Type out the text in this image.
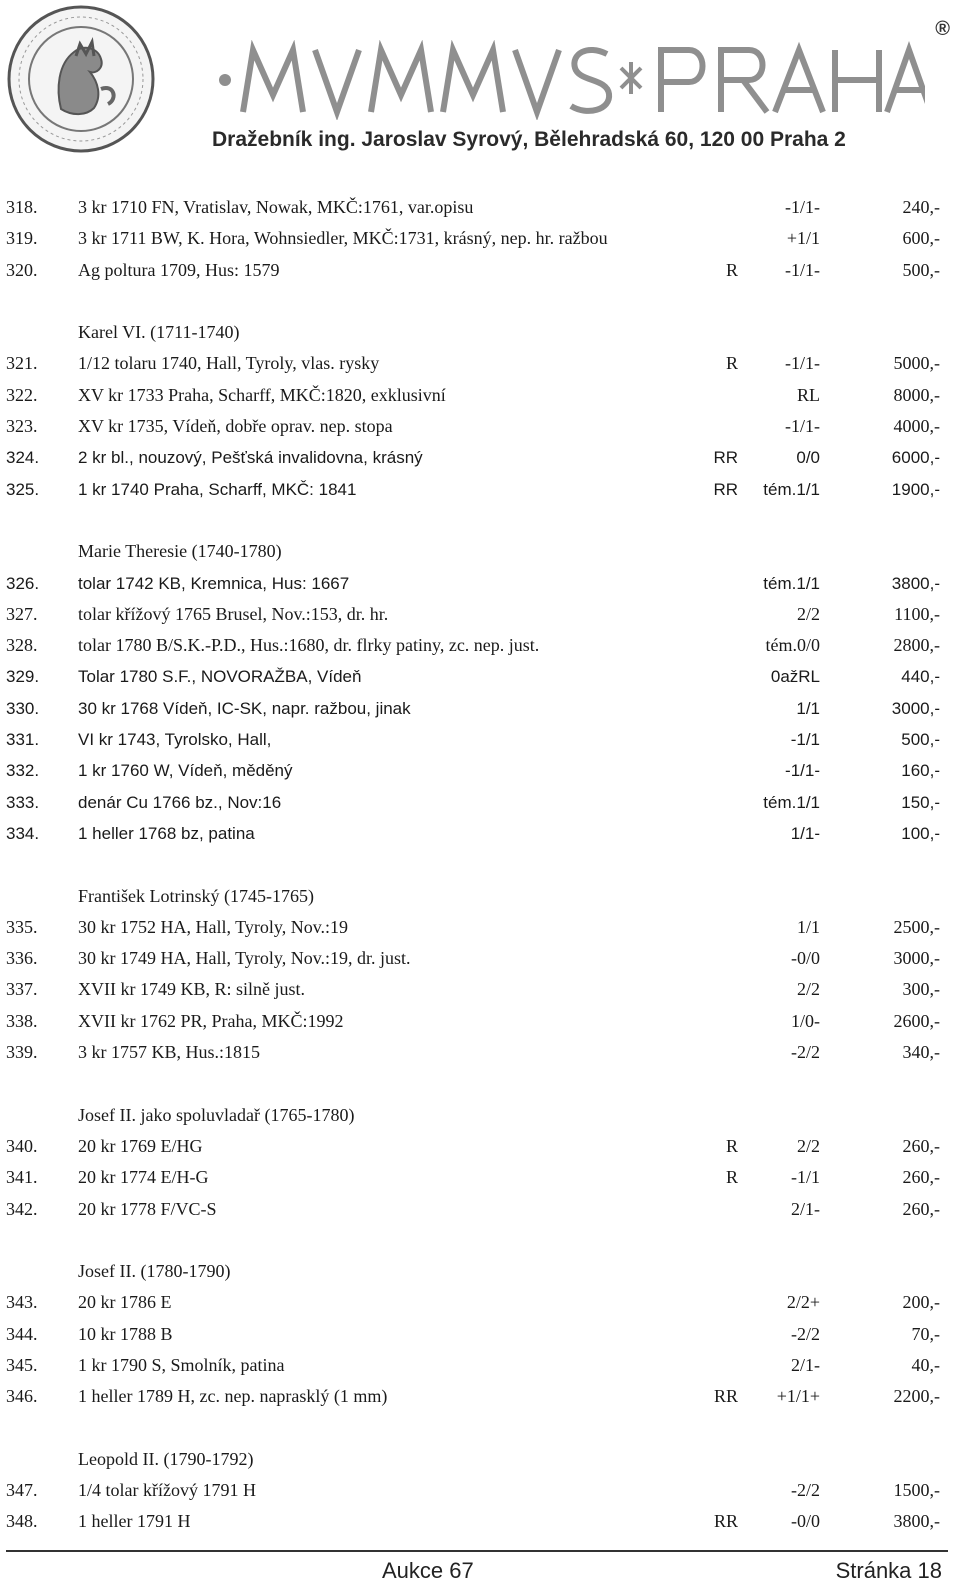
®
Dražebník ing. Jaroslav Syrový, Bělehradská 60, 120 00 Praha 2
318. 3 kr 1710 FN, Vratislav, Nowak, MKČ:1761, var.opisu	-1/1-	240,-
319. 3 kr 1711 BW, K. Hora, Wohnsiedler, MKČ:1731, krásný, nep. hr. ražbou	+1/1	600,-
320. Ag poltura 1709, Hus: 1579	R	-1/1-	500,-
Karel VI. (1711-1740)
321. 1/12 tolaru 1740, Hall, Tyroly, vlas. rysky	R	-1/1-	5000,-
322. XV kr 1733 Praha, Scharff, MKČ:1820, exklusivní	RL	8000,-
323. XV kr 1735, Vídeň, dobře oprav. nep. stopa	-1/1-	4000,-
324. 2 kr bl., nouzový, Pešťská invalidovna, krásný	RR	0/0	6000,-
325. 1 kr 1740 Praha, Scharff, MKČ: 1841	RR tém.1/1	1900,-
Marie Theresie (1740-1780)
326. tolar 1742 KB, Kremnica, Hus: 1667	tém.1/1	3800,-
327. tolar křížový 1765 Brusel, Nov.:153, dr. hr.	2/2	1100,-
328. tolar 1780 B/S.K.-P.D., Hus.:1680, dr. flrky patiny, zc. nep. just.	tém.0/0	2800,-
329. Tolar 1780 S.F., NOVORAŽBA, Vídeň	0ažRL	440,-
330. 30 kr 1768 Vídeň, IC-SK, napr. ražbou, jinak	1/1	3000,-
331. VI kr 1743, Tyrolsko, Hall,	-1/1	500,-
332. 1 kr 1760 W, Vídeň, měděný	-1/1-	160,-
333. denár Cu 1766 bz., Nov:16	tém.1/1	150,-
334. 1 heller 1768 bz, patina	1/1-	100,-
František Lotrinský (1745-1765)
335. 30 kr 1752 HA, Hall, Tyroly, Nov.:19	1/1	2500,-
336. 30 kr 1749 HA, Hall, Tyroly, Nov.:19, dr. just.	-0/0	3000,-
337. XVII kr 1749 KB, R: silně just.	2/2	300,-
338. XVII kr 1762 PR, Praha, MKČ:1992	1/0-	2600,-
339. 3 kr 1757 KB, Hus.:1815	-2/2	340,-
Josef II. jako spoluvladař (1765-1780)
340. 20 kr 1769 E/HG	R	2/2	260,-
341. 20 kr 1774 E/H-G	R	-1/1	260,-
342. 20 kr 1778 F/VC-S	2/1-	260,-
Josef II. (1780-1790)
343. 20 kr 1786 E	2/2+	200,-
344. 10 kr 1788 B	-2/2	70,-
345. 1 kr 1790 S, Smolník, patina	2/1-	40,-
346. 1 heller 1789 H, zc. nep. naprasklý (1 mm)	RR +1/1+	2200,-
Leopold II. (1790-1792)
347. 1/4 tolar křížový 1791 H	-2/2	1500,-
348. 1 heller 1791 H	RR	-0/0	3800,-
Aukce 67	Stránka 18
